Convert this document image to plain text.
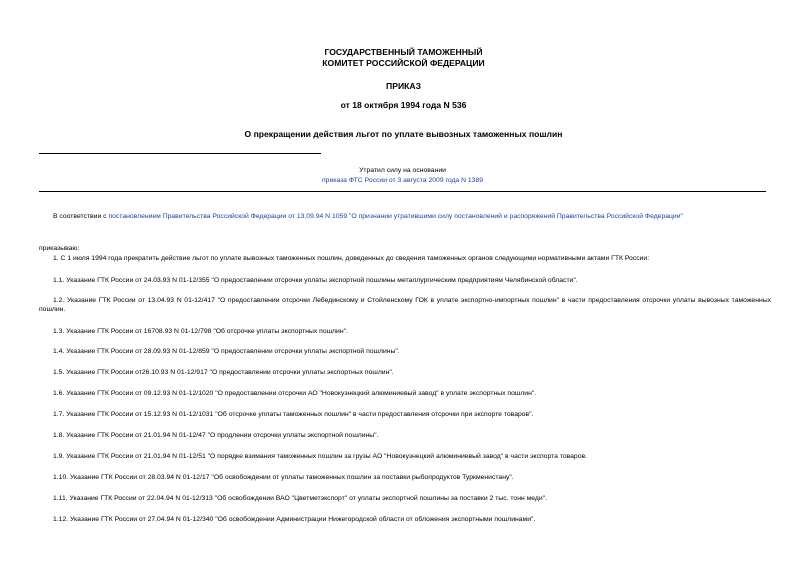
ГОСУДАРСТВЕННЫЙ ТАМОЖЕННЫЙ
КОМИТЕТ РОССИЙСКОЙ ФЕДЕРАЦИИ
ПРИКАЗ
от 18 октября 1994 года N 536
О прекращении действия льгот по уплате вывозных таможенных пошлин
Утратил силу на основании
приказа ФТС России от 3 августа 2009 года N 1389
В соответствии с постановлением Правительства Российской Федерации от 13.09.94 N 1059 "О признании утратившими силу постановлений и распоряжений Правительства Российской Федерации"
приказываю:
1. С 1 июля 1994 года прекратить действие льгот по уплате вывозных таможенных пошлин, доведенных до сведения таможенных органов следующими нормативными актами ГТК России:
1.1. Указание ГТК России от 24.03.93 N 01-12/355 "О предоставлении отсрочки уплаты экспортной пошлины металлургическим предприятиям Челябинской области".
1.2. Указание ГТК России от 13.04.93 N 01-12/417 "О предоставлении отсрочки Лебединскому и Стойленскому ГОК в уплате экспортно-импортных пошлин" в части предоставления отсрочки уплаты вывозных таможенных пошлин.
1.3. Указание ГТК России от 16708.93 N 01-12/798 "Об отсрочке уплаты экспортных пошлин".
1.4. Указание ГТК России от 28.09.93 N 01-12/859 "О предоставлении отсрочки уплаты экспортной пошлины".
1.5. Указание ГТК России от26.10.93 N 01-12/917 "О предоставлении отсрочки уплаты экспортных пошлин".
1.6. Указание ГТК России от 09.12.93 N 01-12/1020 "О предоставлении отсрочки АО "Новокузнецкий алюминиевый завод" в уплате экспортных пошлин".
1.7. Указание ГТК России от 15.12.93 N 01-12/1031 "Об отсрочке уплаты таможенных пошлин" в части предоставления отсрочки при экспорте товаров".
1.8. Указание ГТК России от 21.01.94 N 01-12/47 "О продлении отсрочки уплаты экспортной пошлины".
1.9. Указание ГТК России от 21.01.94 N 01-12/51 "О порядке взимания таможенных пошлин за грузы АО "Новокузнецкий алюминиевый завод" в части экспорта товаров.
1.10. Указание ГТК России от 28.03.94 N 01-12/17 "Об освобождении от уплаты таможенных пошлин за поставки рыбопродуктов Туркменистану".
1.11. Указание ГТК России от 22.04.94 N 01-12/313 "Об освобождении ВАО "Цветметэкспорт" от уплаты экспортной пошлины за поставки 2 тыс. тонн меди".
1.12. Указание ГТК России от 27.04.94 N 01-12/340 "Об освобождении Администрации Нижегородской области от обложения экспортными пошлинами".
